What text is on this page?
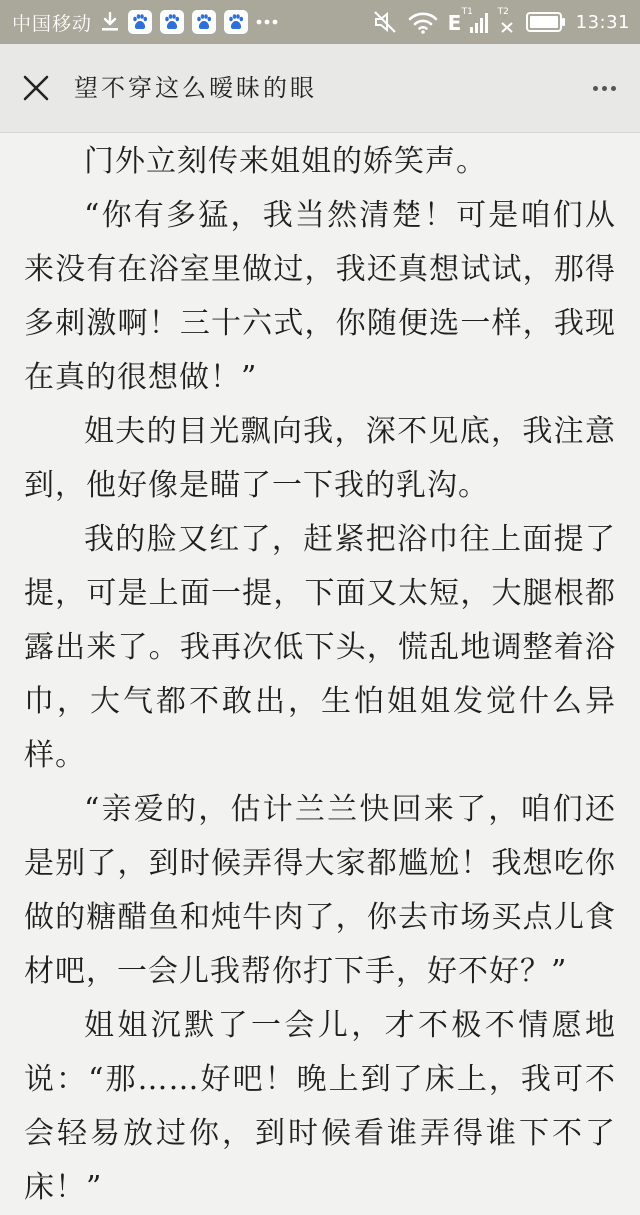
中国移动	E T1	T2	13:31
望不穿这么暧昧的眼

门外立刻传来姐姐的娇笑声。

“你有多猛，我当然清楚！可是咱们从来没有在浴室里做过，我还真想试试，那得多刺激啊！三十六式，你随便选一样，我现在真的很想做！”

姐夫的目光飘向我，深不见底，我注意到，他好像是瞄了一下我的乳沟。

我的脸又红了，赶紧把浴巾往上面提了提，可是上面一提，下面又太短，大腿根都露出来了。我再次低下头，慌乱地调整着浴巾，大气都不敢出，生怕姐姐发觉什么异样。

“亲爱的，估计兰兰快回来了，咱们还是别了，到时候弄得大家都尴尬！我想吃你做的糖醋鱼和炖牛肉了，你去市场买点儿食材吧，一会儿我帮你打下手，好不好？”

姐姐沉默了一会儿，才不极不情愿地说：“那……好吧！晚上到了床上，我可不会轻易放过你，到时候看谁弄得谁下不了床！”
